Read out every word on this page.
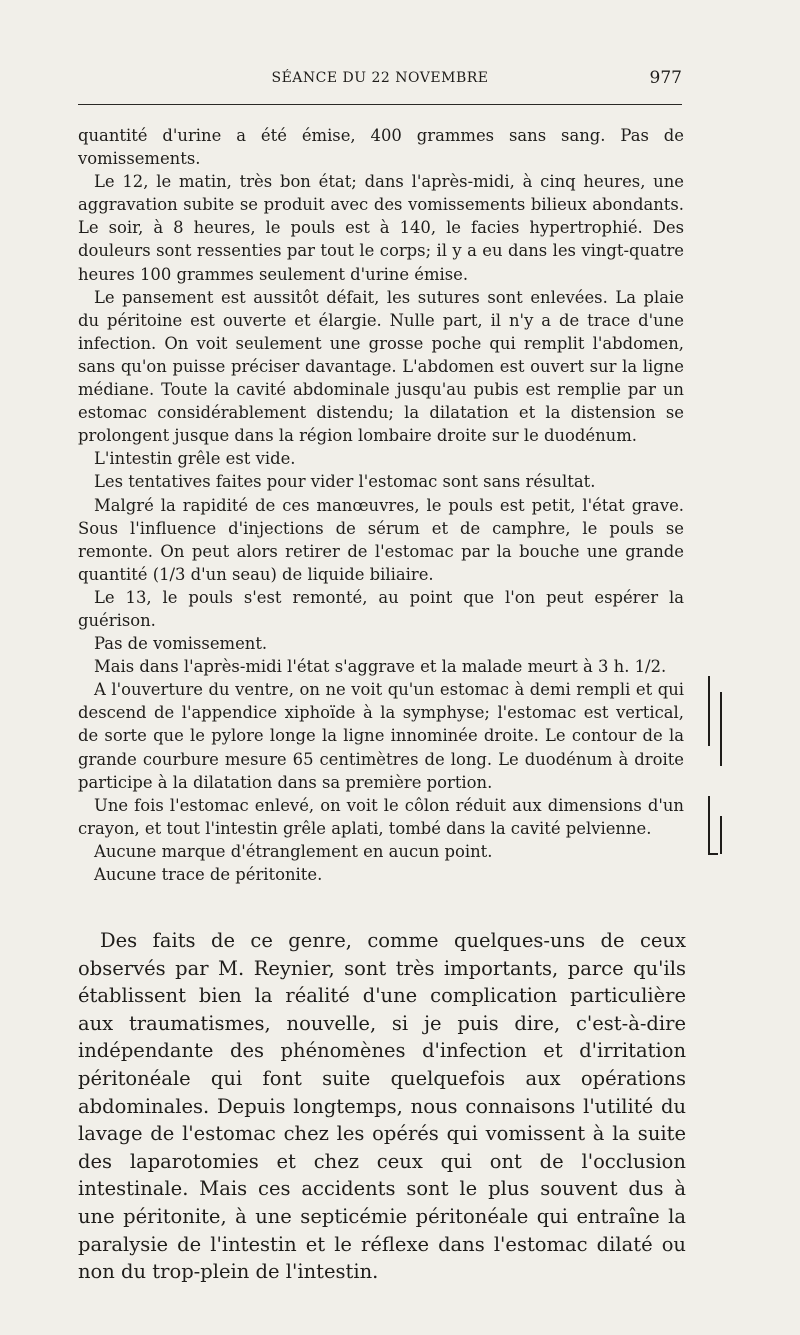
SÉANCE DU 22 NOVEMBRE	977

quantité d'urine a été émise, 400 grammes sans sang. Pas de vomissements.

Le 12, le matin, très bon état; dans l'après-midi, à cinq heures, une aggravation subite se produit avec des vomissements bilieux abondants. Le soir, à 8 heures, le pouls est à 140, le facies hypertrophié. Des douleurs sont ressenties par tout le corps; il y a eu dans les vingt-quatre heures 100 grammes seulement d'urine émise.

Le pansement est aussitôt défait, les sutures sont enlevées. La plaie du péritoine est ouverte et élargie. Nulle part, il n'y a de trace d'une infection. On voit seulement une grosse poche qui remplit l'abdomen, sans qu'on puisse préciser davantage. L'abdomen est ouvert sur la ligne médiane. Toute la cavité abdominale jusqu'au pubis est remplie par un estomac considérablement distendu; la dilatation et la distension se prolongent jusque dans la région lombaire droite sur le duodénum.

L'intestin grêle est vide.

Les tentatives faites pour vider l'estomac sont sans résultat.

Malgré la rapidité de ces manœuvres, le pouls est petit, l'état grave. Sous l'influence d'injections de sérum et de camphre, le pouls se remonte. On peut alors retirer de l'estomac par la bouche une grande quantité (1/3 d'un seau) de liquide biliaire.

Le 13, le pouls s'est remonté, au point que l'on peut espérer la guérison.

Pas de vomissement.

Mais dans l'après-midi l'état s'aggrave et la malade meurt à 3 h. 1/2.

A l'ouverture du ventre, on ne voit qu'un estomac à demi rempli et qui descend de l'appendice xiphoïde à la symphyse; l'estomac est vertical, de sorte que le pylore longe la ligne innominée droite. Le contour de la grande courbure mesure 65 centimètres de long. Le duodénum à droite participe à la dilatation dans sa première portion.

Une fois l'estomac enlevé, on voit le côlon réduit aux dimensions d'un crayon, et tout l'intestin grêle aplati, tombé dans la cavité pelvienne.

Aucune marque d'étranglement en aucun point.

Aucune trace de péritonite.

Des faits de ce genre, comme quelques-uns de ceux observés par M. Reynier, sont très importants, parce qu'ils établissent bien la réalité d'une complication particulière aux traumatismes, nouvelle, si je puis dire, c'est-à-dire indépendante des phénomènes d'infection et d'irritation péritonéale qui font suite quelquefois aux opérations abdominales. Depuis longtemps, nous connaisons l'utilité du lavage de l'estomac chez les opérés qui vomissent à la suite des laparotomies et chez ceux qui ont de l'occlusion intestinale. Mais ces accidents sont le plus souvent dus à une péritonite, à une septicémie péritonéale qui entraîne la paralysie de l'intestin et le réflexe dans l'estomac dilaté ou non du trop-plein de l'intestin.
